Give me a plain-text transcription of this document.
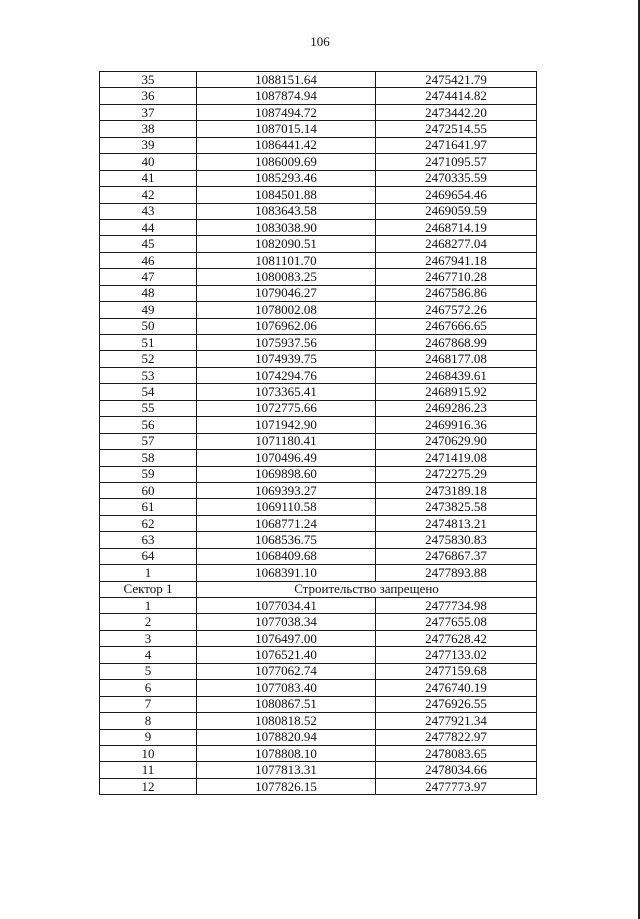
106
35	1088151.64	2475421.79
36	1087874.94	2474414.82
37	1087494.72	2473442.20
38	1087015.14	2472514.55
39	1086441.42	2471641.97
40	1086009.69	2471095.57
41	1085293.46	2470335.59
42	1084501.88	2469654.46
43	1083643.58	2469059.59
44	1083038.90	2468714.19
45	1082090.51	2468277.04
46	1081101.70	2467941.18
47	1080083.25	2467710.28
48	1079046.27	2467586.86
49	1078002.08	2467572.26
50	1076962.06	2467666.65
51	1075937.56	2467868.99
52	1074939.75	2468177.08
53	1074294.76	2468439.61
54	1073365.41	2468915.92
55	1072775.66	2469286.23
56	1071942.90	2469916.36
57	1071180.41	2470629.90
58	1070496.49	2471419.08
59	1069898.60	2472275.29
60	1069393.27	2473189.18
61	1069110.58	2473825.58
62	1068771.24	2474813.21
63	1068536.75	2475830.83
64	1068409.68	2476867.37
1	1068391.10	2477893.88
Сектор 1	Строительство запрещено	
1	1077034.41	2477734.98
2	1077038.34	2477655.08
3	1076497.00	2477628.42
4	1076521.40	2477133.02
5	1077062.74	2477159.68
6	1077083.40	2476740.19
7	1080867.51	2476926.55
8	1080818.52	2477921.34
9	1078820.94	2477822.97
10	1078808.10	2478083.65
11	1077813.31	2478034.66
12	1077826.15	2477773.97
